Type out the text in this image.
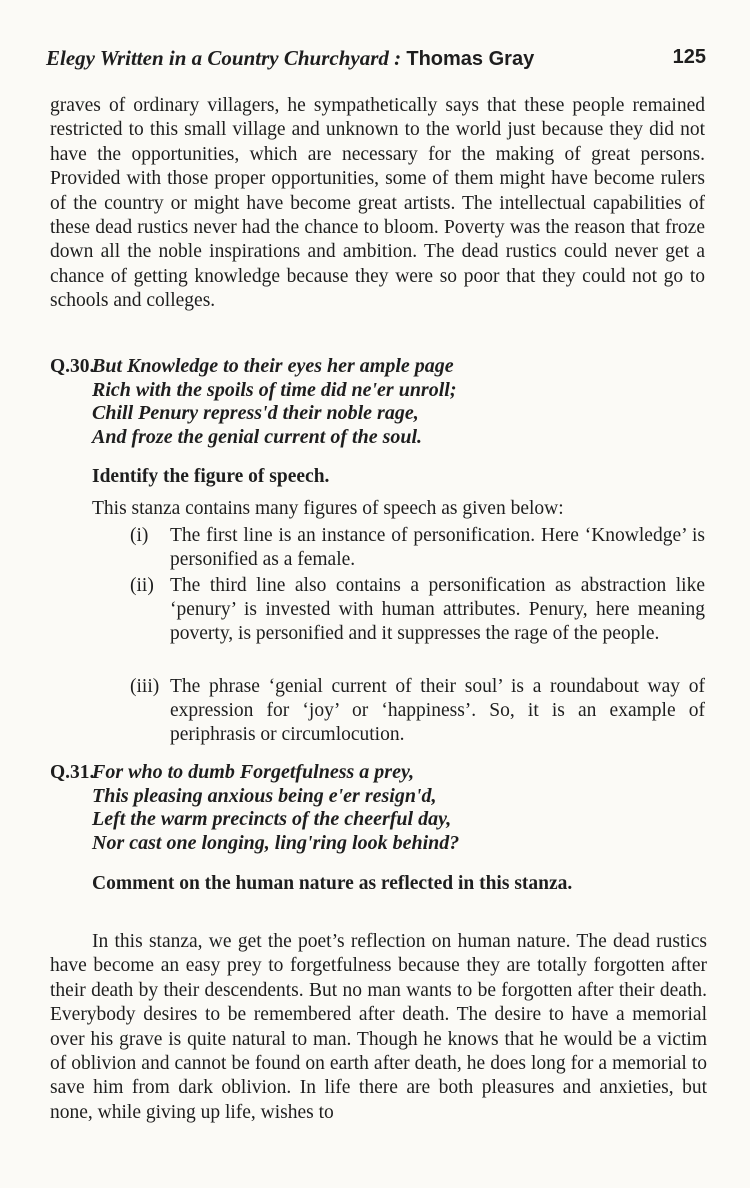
Elegy Written in a Country Churchyard : Thomas Gray	125
graves of ordinary villagers, he sympathetically says that these people remained restricted to this small village and unknown to the world just because they did not have the opportunities, which are necessary for the making of great persons. Provided with those proper opportunities, some of them might have become rulers of the country or might have become great artists. The intellectual capabilities of these dead rustics never had the chance to bloom. Poverty was the reason that froze down all the noble inspirations and ambition. The dead rustics could never get a chance of getting knowledge because they were so poor that they could not go to schools and colleges.
Q.30.
But Knowledge to their eyes her ample page
Rich with the spoils of time did ne'er unroll;
Chill Penury repress'd their noble rage,
And froze the genial current of the soul.
Identify the figure of speech.
This stanza contains many figures of speech as given below:
(i)	The first line is an instance of personification. Here ‘Knowledge’ is personified as a female.
(ii) The third line also contains a personification as abstraction like ‘penury’ is invested with human attributes. Penury, here meaning poverty, is personified and it suppresses the rage of the people.
(iii) The phrase ‘genial current of their soul’ is a roundabout way of expression for ‘joy’ or ‘happiness’. So, it is an example of periphrasis or circumlocution.
Q.31.
For who to dumb Forgetfulness a prey,
This pleasing anxious being e'er resign'd,
Left the warm precincts of the cheerful day,
Nor cast one longing, ling'ring look behind?
Comment on the human nature as reflected in this stanza.
In this stanza, we get the poet’s reflection on human nature. The dead rustics have become an easy prey to forgetfulness because they are totally forgotten after their death by their descendents. But no man wants to be forgotten after their death. Everybody desires to be remembered after death. The desire to have a memorial over his grave is quite natural to man. Though he knows that he would be a victim of oblivion and cannot be found on earth after death, he does long for a memorial to save him from dark oblivion. In life there are both pleasures and anxieties, but none, while giving up life, wishes to
